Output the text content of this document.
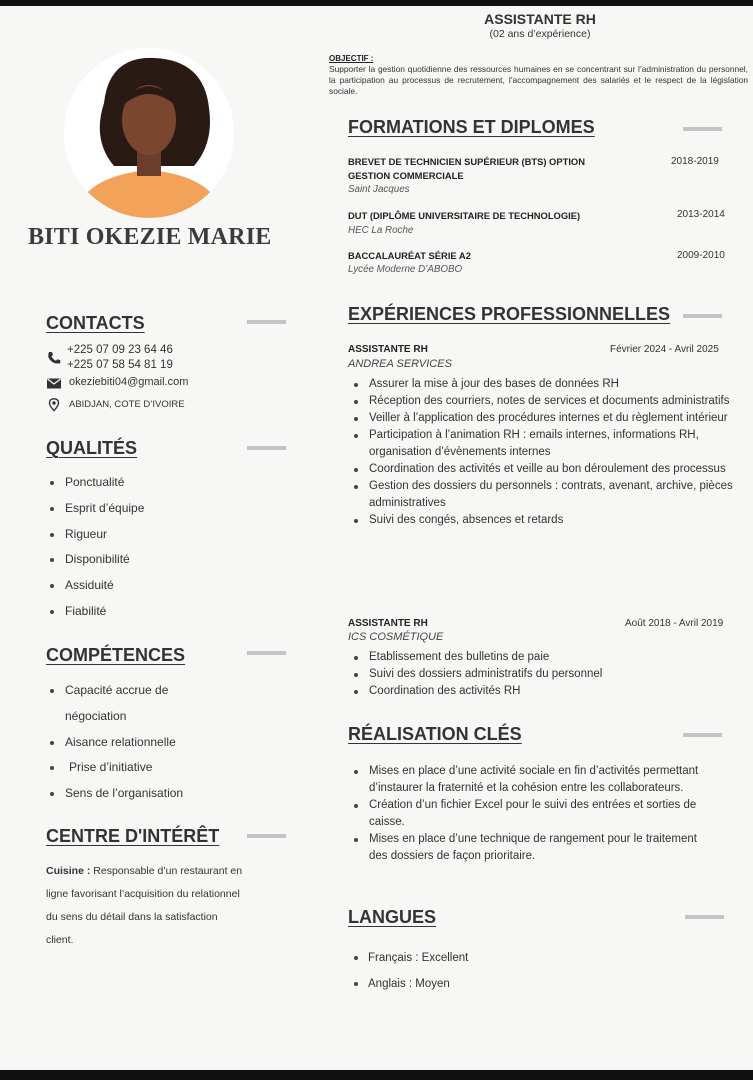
BITI OKEZIE MARIE
CONTACTS
+225 07 09 23 64 46
+225 07 58 54 81 19
okeziebiti04@gmail.com
ABIDJAN, COTE D’IVOIRE
QUALITÉS
Ponctualité
Esprit d’équipe
Rigueur
Disponibilité
Assiduité
Fiabilité
COMPÉTENCES
Capacité accrue de négociation
Aisance relationnelle
Prise d’initiative
Sens de l’organisation
CENTRE D'INTÉRÊT
Cuisine : Responsable d’un restaurant en ligne favorisant l’acquisition du relationnel du sens du détail dans la satisfaction client.
ASSISTANTE RH
(02 ans d’expérience)
OBJECTIF :
Supporter la gestion quotidienne des ressources humaines en se concentrant sur l’administration du personnel, la participation au processus de recrutement, l’accompagnement des salariés et le respect de la législation sociale.
FORMATIONS ET DIPLOMES
BREVET DE TECHNICIEN SUPÉRIEUR (BTS) OPTION GESTION COMMERCIALE
Saint Jacques
2018-2019
DUT (DIPLÔME UNIVERSITAIRE DE TECHNOLOGIE)
HEC La Roche
2013-2014
BACCALAURÉAT SÉRIE A2
Lycée Moderne D’ABOBO
2009-2010
EXPÉRIENCES PROFESSIONNELLES
ASSISTANTE RH
ANDREA SERVICES
Février 2024 - Avril 2025
Assurer la mise à jour des bases de données RH
Réception des courriers, notes de services et documents administratifs
Veiller à l’application des procédures internes et du règlement intérieur
Participation à l’animation RH : emails internes, informations RH, organisation d’évènements internes
Coordination des activités et veille au bon déroulement des processus
Gestion des dossiers du personnels : contrats, avenant, archive, pièces administratives
Suivi des congés, absences et retards
ASSISTANTE RH
ICS COSMÉTIQUE
Août 2018 - Avril 2019
Etablissement des bulletins de paie
Suivi des dossiers administratifs du personnel
Coordination des activités RH
RÉALISATION CLÉS
Mises en place d’une activité sociale en fin d’activités permettant d’instaurer la fraternité et la cohésion entre les collaborateurs.
Création d’un fichier Excel pour le suivi des entrées et sorties de caisse.
Mises en place d’une technique de rangement pour le traitement des dossiers de façon prioritaire.
LANGUES
Français : Excellent
Anglais : Moyen
